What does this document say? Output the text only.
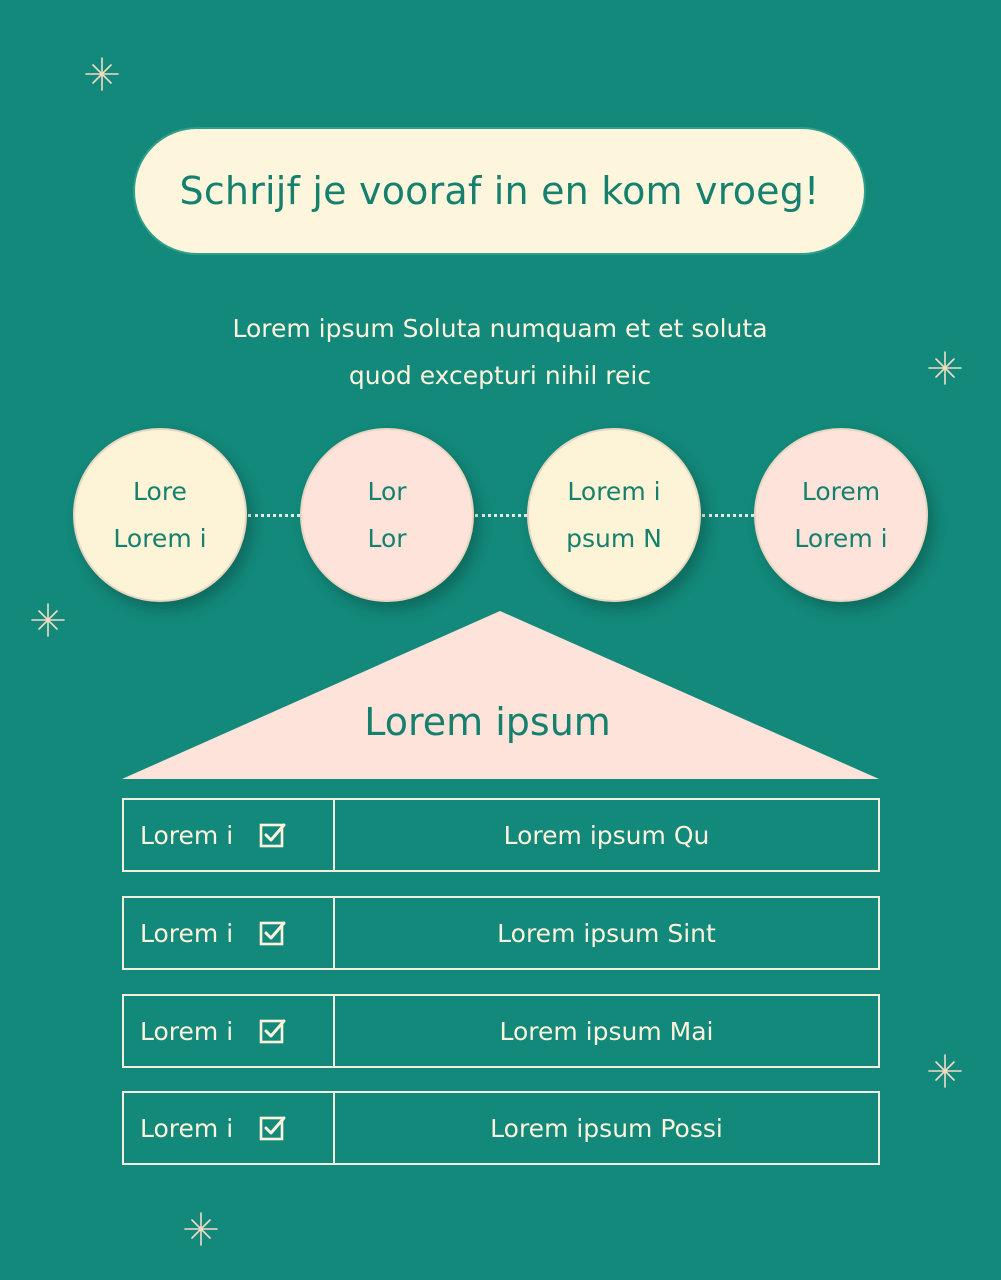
Schrijf je vooraf in en kom vroeg!
Lorem ipsum Soluta numquam et et soluta
quod excepturi nihil reic
Lore
Lorem i
Lor
Lor
Lorem i
psum N
Lorem
Lorem i
Lorem ipsum
Lorem i	Lorem ipsum Qu
Lorem i	Lorem ipsum Sint
Lorem i	Lorem ipsum Mai
Lorem i	Lorem ipsum Possi
